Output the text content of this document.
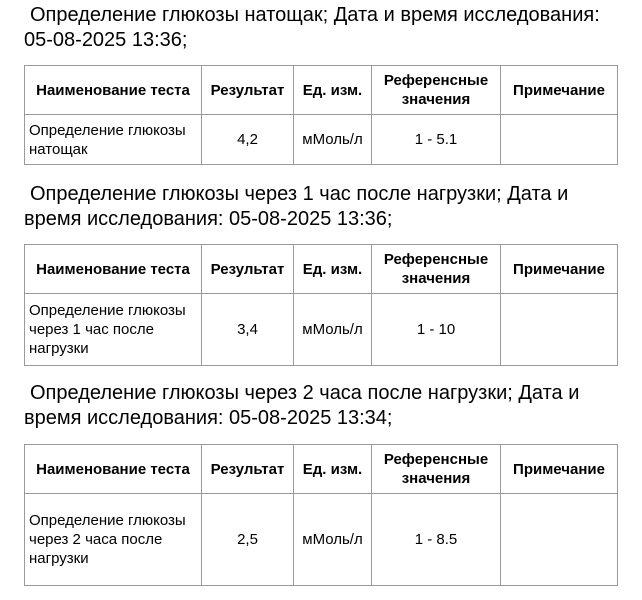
Определение глюкозы натощак; Дата и время исследования: 05-08-2025 13:36;

Наименование теста	Результат	Ед. изм.	Референсные значения	Примечание
Определение глюкозы натощак	4,2	мМоль/л	1 - 5.1	

Определение глюкозы через 1 час после нагрузки; Дата и время исследования: 05-08-2025 13:36;

Наименование теста	Результат	Ед. изм.	Референсные значения	Примечание
Определение глюкозы через 1 час после нагрузки	3,4	мМоль/л	1 - 10	

Определение глюкозы через 2 часа после нагрузки; Дата и время исследования: 05-08-2025 13:34;

Наименование теста	Результат	Ед. изм.	Референсные значения	Примечание
Определение глюкозы через 2 часа после нагрузки	2,5	мМоль/л	1 - 8.5	
